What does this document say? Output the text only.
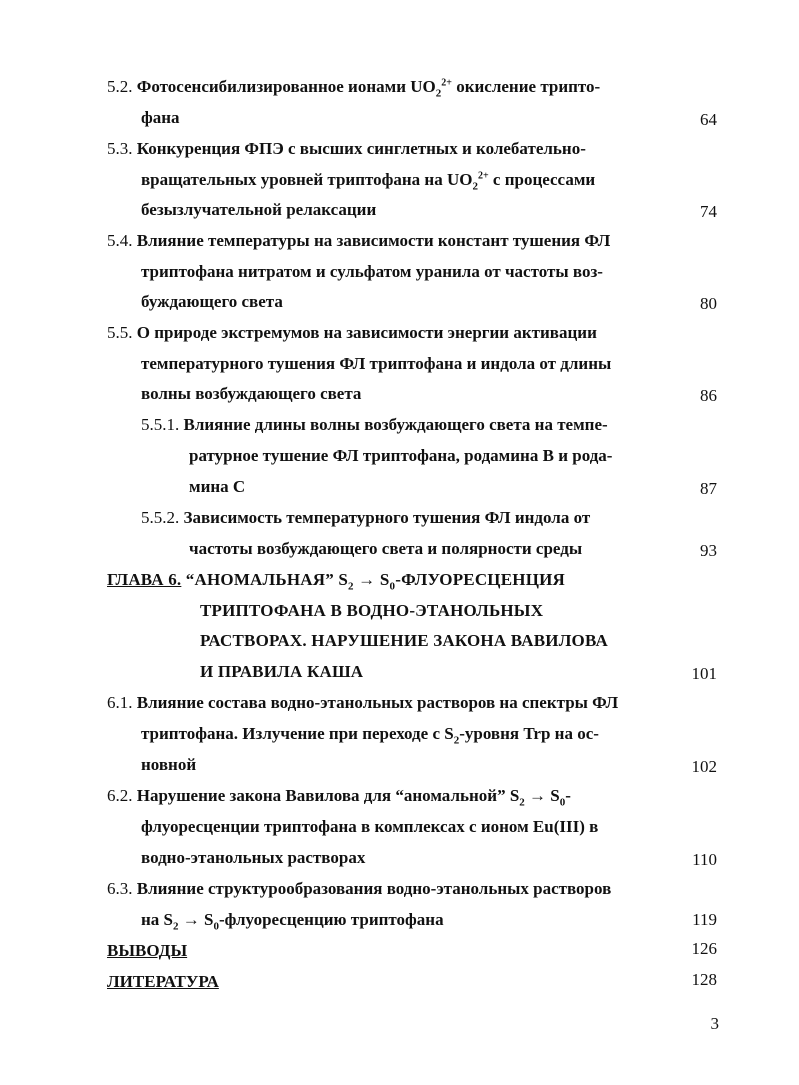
5.2. Фотосенсибилизированное ионами $UO_2^{2+}$ окисление трипто-
фана	64
5.3. Конкуренция ФПЭ с высших синглетных и колебательно-
вращательных уровней триптофана на $UO_2^{2+}$ с процессами
безызлучательной релаксации	74
5.4. Влияние температуры на зависимости констант тушения ФЛ
триптофана нитратом и сульфатом уранила от частоты воз-
буждающего света	80
5.5. О природе экстремумов на зависимости энергии активации
температурного тушения ФЛ триптофана и индола от длины
волны возбуждающего света	86
5.5.1. Влияние длины волны возбуждающего света на темпе-
ратурное тушение ФЛ триптофана, родамина В и рода-
мина С	87
5.5.2. Зависимость температурного тушения ФЛ индола от
частоты возбуждающего света и полярности среды	93
ГЛАВА 6. “АНОМАЛЬНАЯ” $S_2$ → $S_0$-ФЛУОРЕСЦЕНЦИЯ
ТРИПТОФАНА В ВОДНО-ЭТАНОЛЬНЫХ
РАСТВОРАХ. НАРУШЕНИЕ ЗАКОНА ВАВИЛОВА
И ПРАВИЛА КАША	101
6.1. Влияние состава водно-этанольных растворов на спектры ФЛ
триптофана. Излучение при переходе с $S_2$-уровня Trp на ос-
новной	102
6.2. Нарушение закона Вавилова для “аномальной” $S_2 \to S_0-$
флуоресценции триптофана в комплексах с ионом Eu(III) в
водно-этанольных растворах	110
6.3. Влияние структурообразования водно-этанольных растворов
на $S_2$ → $S_0$-флуоресценцию триптофана	119
ВЫВОДЫ	126
ЛИТЕРАТУРА	128
3
